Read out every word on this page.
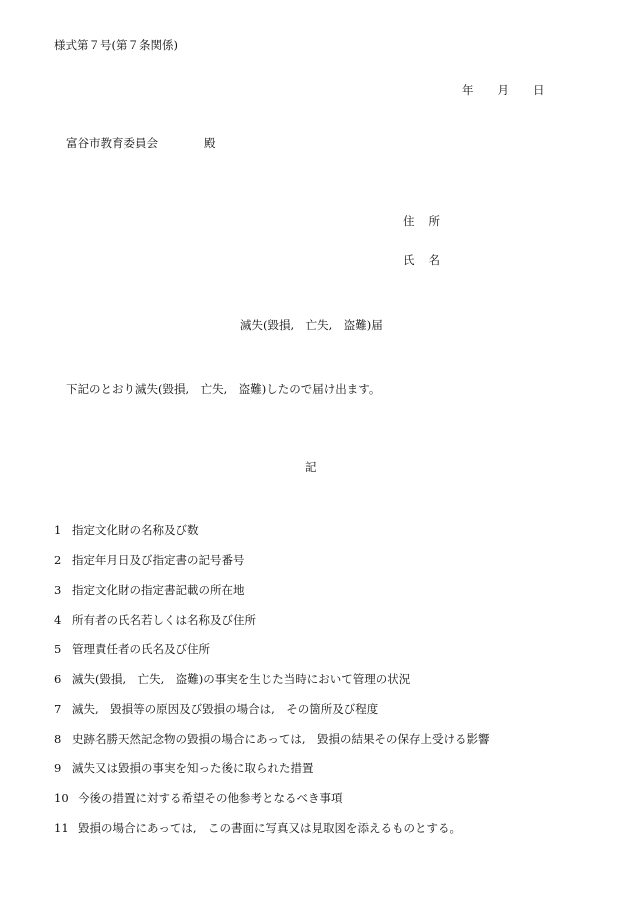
様式第７号(第７条関係)
年 月 日
富谷市教育委員会	殿
住 所
氏 名
滅失(毀損,　亡失,　盗難)届
下記のとおり滅失(毀損,　亡失,　盗難)したので届け出ます。
記
1 指定文化財の名称及び数
2 指定年月日及び指定書の記号番号
3 指定文化財の指定書記載の所在地
4 所有者の氏名若しくは名称及び住所
5 管理責任者の氏名及び住所
6 滅失(毀損,　亡失,　盗難)の事実を生じた当時において管理の状況
7 滅失,　毀損等の原因及び毀損の場合は,　その箇所及び程度
8 史跡名勝天然記念物の毀損の場合にあっては,　毀損の結果その保存上受ける影響
9 滅失又は毀損の事実を知った後に取られた措置
10 今後の措置に対する希望その他参考となるべき事項
11 毀損の場合にあっては,　この書面に写真又は見取図を添えるものとする。
